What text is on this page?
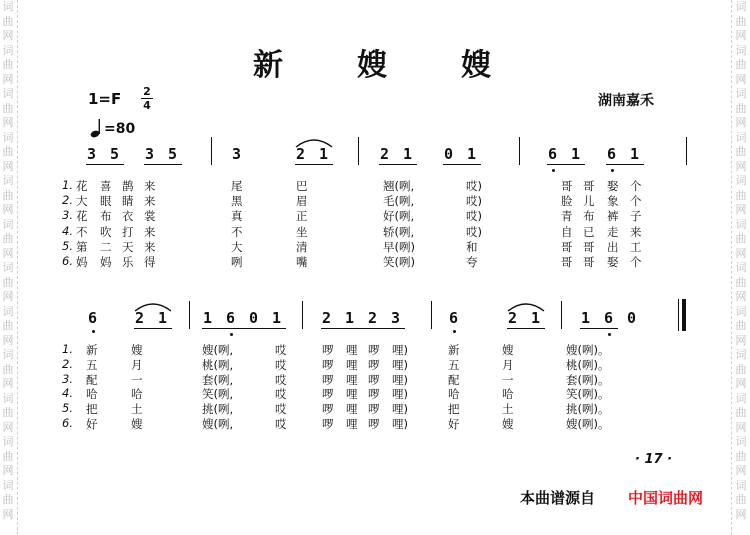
词
曲
网
词
曲
网
词
曲
网
词
曲
网
词
曲
网
词
曲
网
词
曲
网
词
曲
网
词
曲
网
词
曲
网
词
曲
网
词
曲
网
词
曲
网
词
曲
网
词
曲
网
词
曲
网
词
曲
网
词
曲
网
词
曲
网
词
曲
网
词
曲
网
词
曲
网
词
曲
网
词
曲
网
新 嫂 嫂
1=F 2
4	湖南嘉禾
=80
3 5 3 5	3	2 1	2 1 0 1	6 1 6 1
1. 花 喜 鹊 来	尾	巴	翘(咧,	哎)	哥 哥 娶 个
2. 大 眼 睛 来	黑	眉	毛(咧,	哎)	脸 儿 象 个
3. 花 布 衣 裳	真	正	好(咧,	哎)	青 布 裤 子
4. 不 吹 打 来	不	坐	轿(咧,	哎)	自 已 走 来
5. 第 二 天 来	大	清	早(咧)	和	哥 哥 出 工
6. 妈 妈 乐 得	咧	嘴	笑(咧)	夸	哥 哥 娶 个
6	2 1 1 6 0 1	2 1 2 3	6	2 1	1 6 0
1. 新	嫂	嫂(咧,	哎	啰 哩 啰 哩)	新	嫂	嫂(咧)。
2. 五	月	桃(咧,	哎	啰 哩 啰 哩)	五	月	桃(咧)。
3. 配	一	套(咧,	哎	啰 哩 啰 哩)	配	一	套(咧)。
4. 哈	哈	笑(咧,	哎	啰 哩 啰 哩)	哈	哈	笑(咧)。
5. 把	土	挑(咧,	哎	啰 哩 啰 哩)	把	土	挑(咧)。
6. 好	嫂	嫂(咧,	哎	啰 哩 啰 哩)	好	嫂	嫂(咧)。
· 17 ·
本曲谱源自 中国词曲网
